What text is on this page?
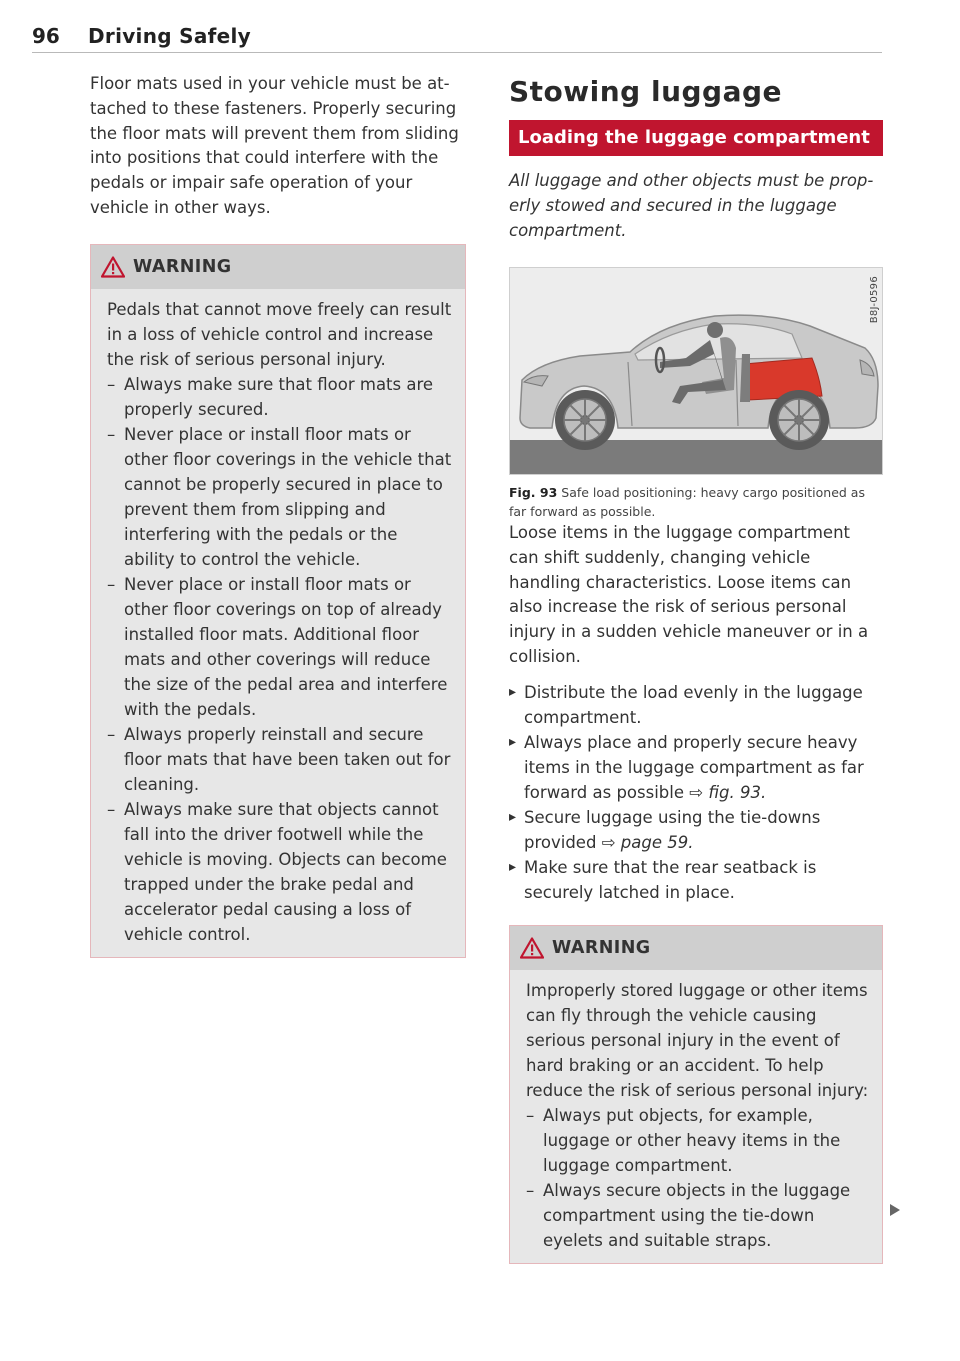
96 Driving Safely

Floor mats used in your vehicle must be attached to these fasteners. Properly securing the floor mats will prevent them from sliding into positions that could interfere with the pedals or impair safe operation of your vehicle in other ways.

WARNING

Pedals that cannot move freely can result in a loss of vehicle control and increase the risk of serious personal injury.

– Always make sure that floor mats are properly secured.
– Never place or install floor mats or other floor coverings in the vehicle that cannot be properly secured in place to prevent them from slipping and interfering with the pedals or the ability to control the vehicle.
– Never place or install floor mats or other floor coverings on top of already installed floor mats. Additional floor mats and other coverings will reduce the size of the pedal area and interfere with the pedals.
– Always properly reinstall and secure floor mats that have been taken out for cleaning.
– Always make sure that objects cannot fall into the driver footwell while the vehicle is moving. Objects can become trapped under the brake pedal and accelerator pedal causing a loss of vehicle control.
Stowing luggage
Loading the luggage compartment

All luggage and other objects must be properly stowed and secured in the luggage compartment.

B8J-0596
Fig. 93 Safe load positioning: heavy cargo positioned as far forward as possible.

Loose items in the luggage compartment can shift suddenly, changing vehicle handling characteristics. Loose items can also increase the risk of serious personal injury in a sudden vehicle maneuver or in a collision.

▸ Distribute the load evenly in the luggage compartment.
▸ Always place and properly secure heavy items in the luggage compartment as far forward as possible ⇨ fig. 93.
▸ Secure luggage using the tie-downs provided ⇨ page 59.
▸ Make sure that the rear seatback is securely latched in place.
WARNING

Improperly stored luggage or other items can fly through the vehicle causing serious personal injury in the event of hard braking or an accident. To help reduce the risk of serious personal injury:

– Always put objects, for example, luggage or other heavy items in the luggage compartment.
– Always secure objects in the luggage compartment using the tie-down eyelets and suitable straps.
